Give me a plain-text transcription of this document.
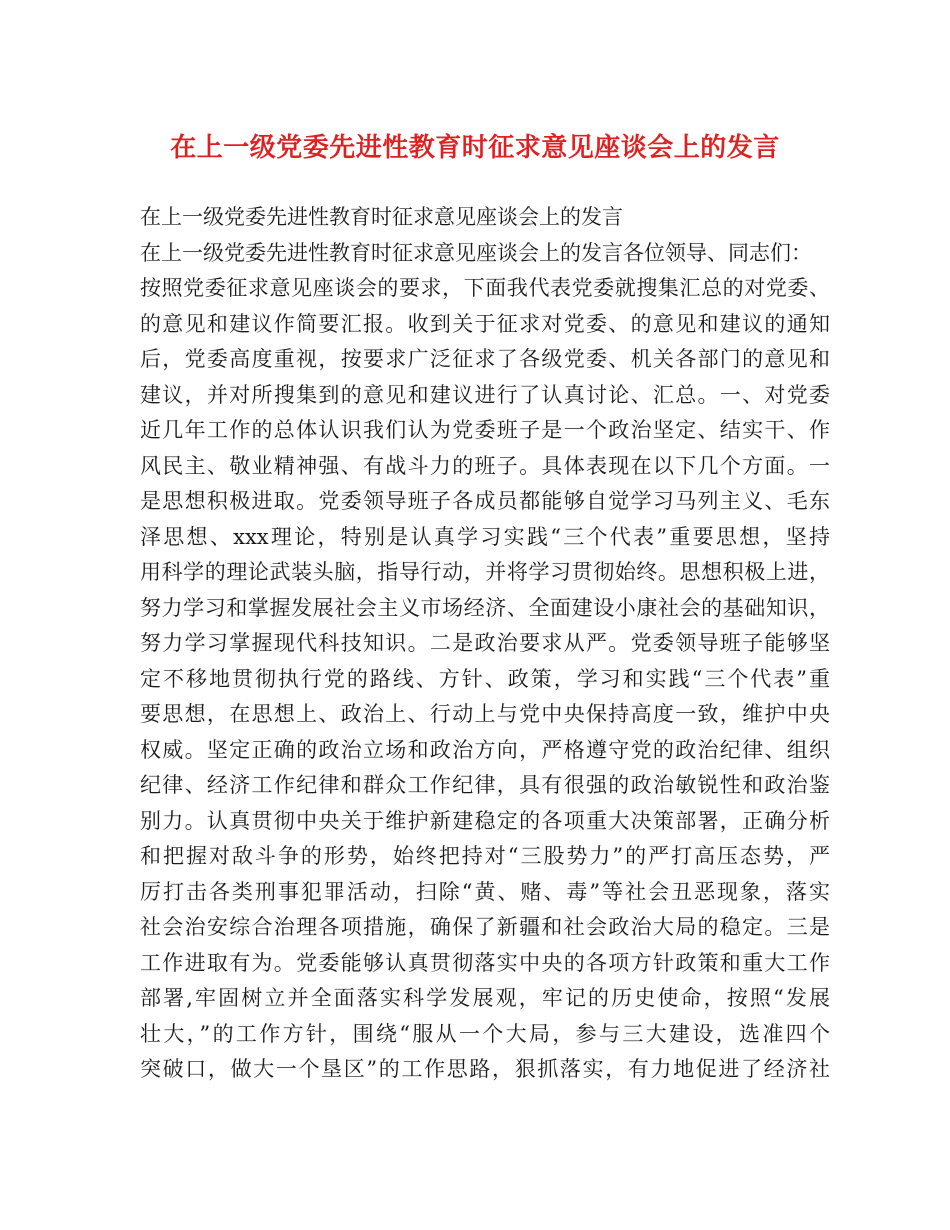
在上一级党委先进性教育时征求意见座谈会上的发言
在上一级党委先进性教育时征求意见座谈会上的发言
在上一级党委先进性教育时征求意见座谈会上的发言各位领导、同志们：
按照党委征求意见座谈会的要求，下面我代表党委就搜集汇总的对党委、
的意见和建议作简要汇报。收到关于征求对党委、的意见和建议的通知
后，党委高度重视，按要求广泛征求了各级党委、机关各部门的意见和
建议，并对所搜集到的意见和建议进行了认真讨论、汇总。一、对党委
近几年工作的总体认识我们认为党委班子是一个政治坚定、结实干、作
风民主、敬业精神强、有战斗力的班子。具体表现在以下几个方面。一
是思想积极进取。党委领导班子各成员都能够自觉学习马列主义、毛东
泽思想、xxx理论，特别是认真学习实践“三个代表”重要思想，坚持
用科学的理论武装头脑，指导行动，并将学习贯彻始终。思想积极上进，
努力学习和掌握发展社会主义市场经济、全面建设小康社会的基础知识，
努力学习掌握现代科技知识。二是政治要求从严。党委领导班子能够坚
定不移地贯彻执行党的路线、方针、政策，学习和实践“三个代表”重
要思想，在思想上、政治上、行动上与党中央保持高度一致，维护中央
权威。坚定正确的政治立场和政治方向，严格遵守党的政治纪律、组织
纪律、经济工作纪律和群众工作纪律，具有很强的政治敏锐性和政治鉴
别力。认真贯彻中央关于维护新建稳定的各项重大决策部署，正确分析
和把握对敌斗争的形势，始终把持对“三股势力”的严打高压态势，严
厉打击各类刑事犯罪活动，扫除“黄、赌、毒”等社会丑恶现象，落实
社会治安综合治理各项措施，确保了新疆和社会政治大局的稳定。三是
工作进取有为。党委能够认真贯彻落实中央的各项方针政策和重大工作
部署,牢固树立并全面落实科学发展观，牢记的历史使命，按照“发展
壮大，”的工作方针，围绕“服从一个大局，参与三大建设，选准四个
突破口，做大一个垦区”的工作思路，狠抓落实，有力地促进了经济社
